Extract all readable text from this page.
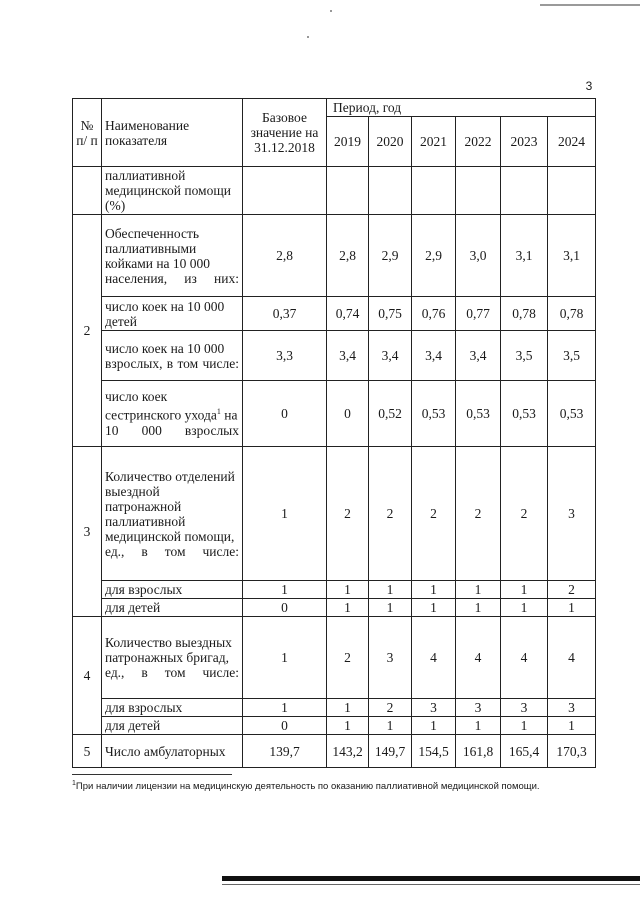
3
№ п/ п	Наименование показателя	Базовое значение на 31.12.2018	Период, год					
			2019	2020	2021	2022	2023	2024
	паллиативной медицинской помощи (%)							
2	Обеспеченность паллиативными койками на 10 000 населения, из них:	2,8	2,8	2,9	2,9	3,0	3,1	3,1
	число коек на 10 000 детей	0,37	0,74	0,75	0,76	0,77	0,78	0,78
	число коек на 10 000 взрослых, в том числе:	3,3	3,4	3,4	3,4	3,4	3,5	3,5
	число коек сестринского ухода$^1$ на 10 000 взрослых	0	0	0,52	0,53	0,53	0,53	0,53
3	Количество отделений выездной патронажной паллиативной медицинской помощи, ед., в том числе:	1	2	2	2	2	2	3
	для взрослых	1	1	1	1	1	1	2
	для детей	0	1	1	1	1	1	1
4	Количество выездных патронажных бригад, ед., в том числе:	1	2	3	4	4	4	4
	для взрослых	1	1	2	3	3	3	3
	для детей	0	1	1	1	1	1	1
5	Число амбулаторных	139,7	143,2	149,7	154,5	161,8	165,4	170,3
$^1$При наличии лицензии на медицинскую деятельность по оказанию паллиативной медицинской помощи.
